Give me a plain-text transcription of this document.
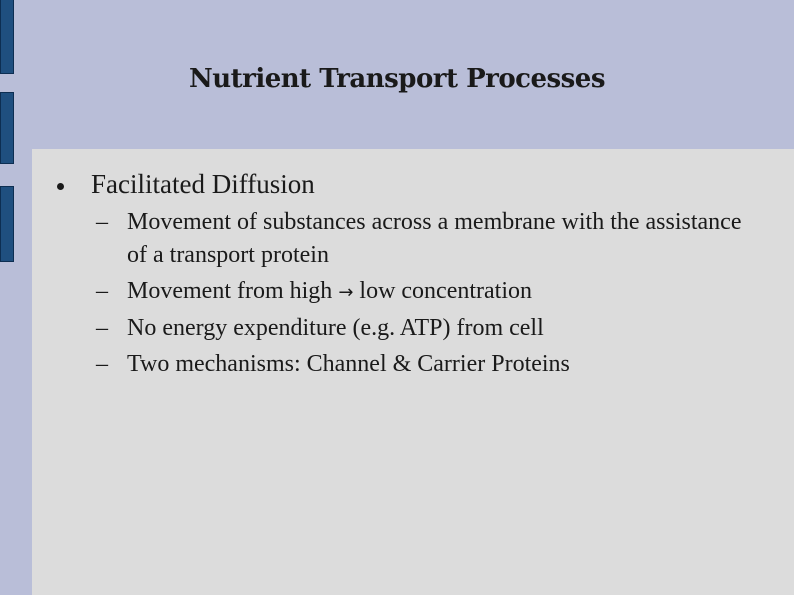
Nutrient Transport Processes
Facilitated Diffusion
– Movement of substances across a membrane with the assistance of a transport protein
– Movement from high → low concentration
– No energy expenditure (e.g. ATP) from cell
– Two mechanisms: Channel & Carrier Proteins
